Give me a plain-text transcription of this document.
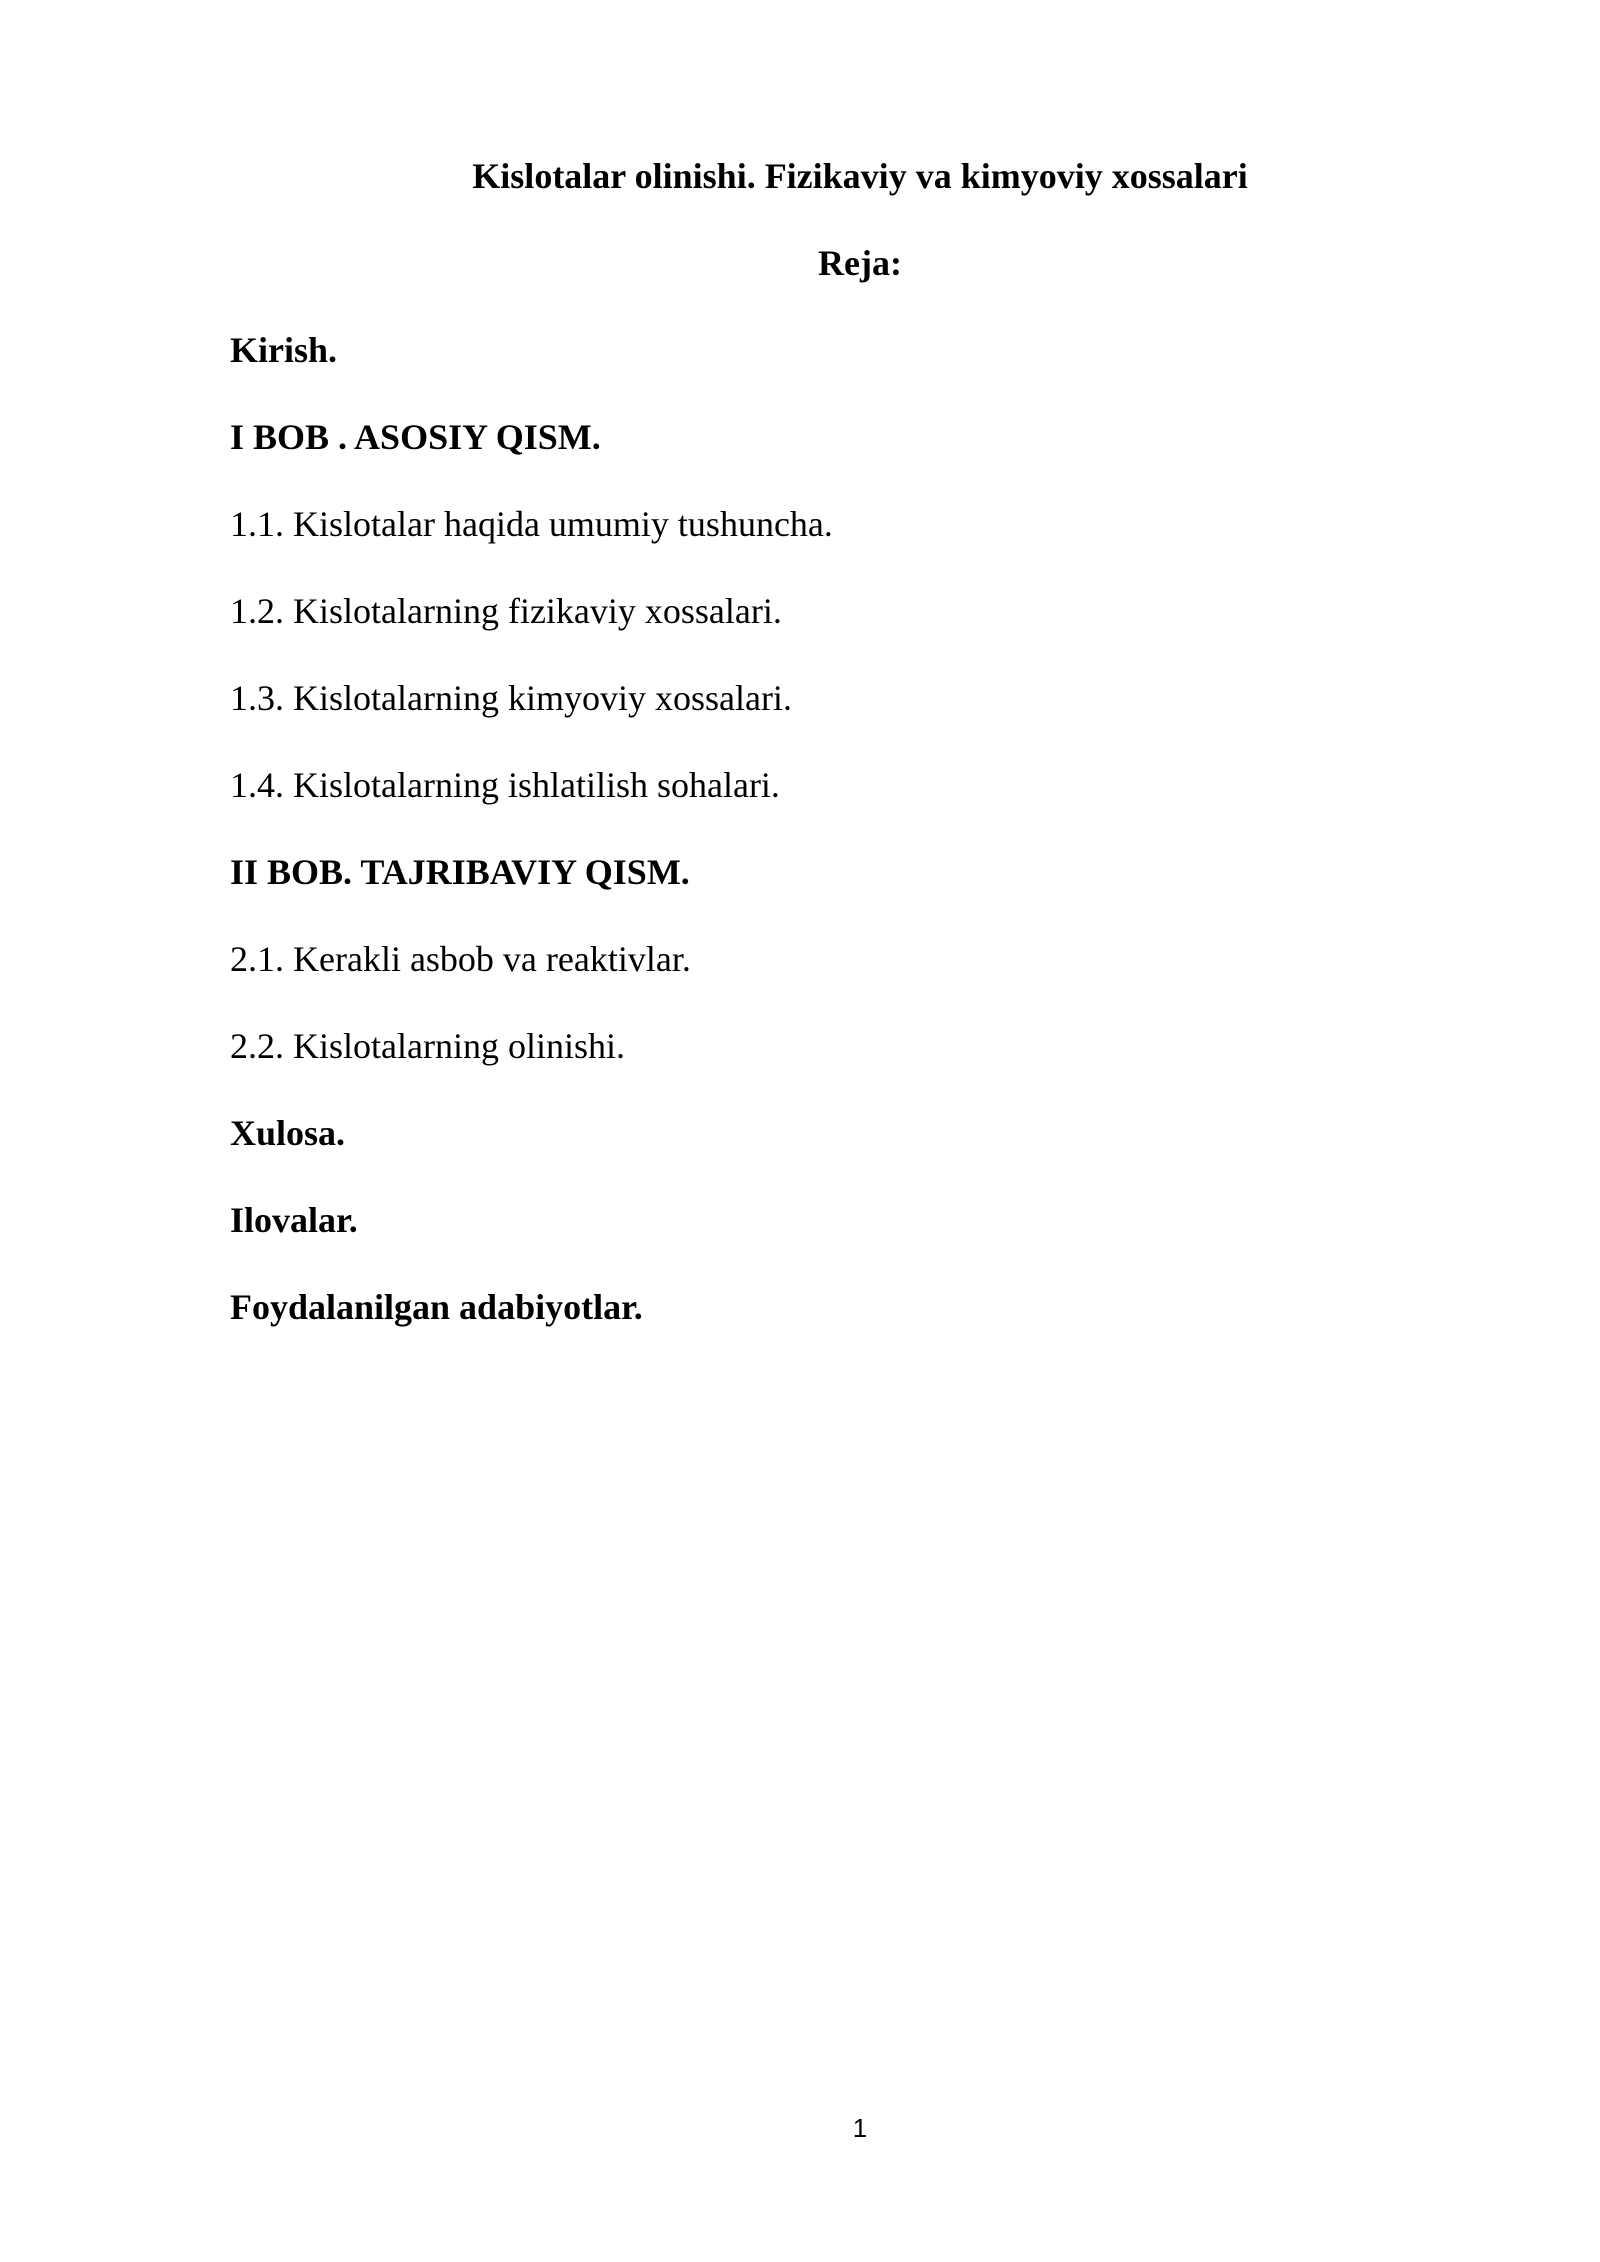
Kislotalar olinishi. Fizikaviy va kimyoviy xossalari
Reja:
Kirish.
I BOB . ASOSIY QISM.
1.1. Kislotalar haqida umumiy tushuncha.
1.2. Kislotalarning fizikaviy xossalari.
1.3. Kislotalarning kimyoviy xossalari.
1.4. Kislotalarning ishlatilish sohalari.
II BOB. TAJRIBAVIY QISM.
2.1. Kerakli asbob va reaktivlar.
2.2. Kislotalarning olinishi.
Xulosa.
Ilovalar.
Foydalanilgan adabiyotlar.
1
